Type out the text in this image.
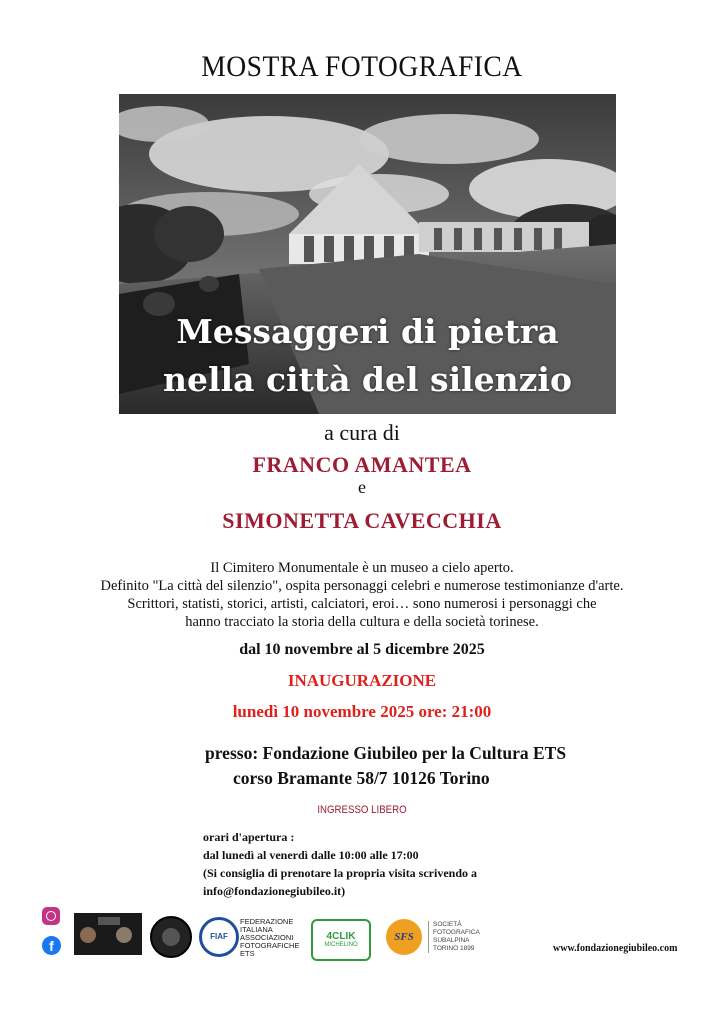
MOSTRA FOTOGRAFICA
Messaggeri di pietra
nella città del silenzio
a cura di
FRANCO AMANTEA
e
SIMONETTA CAVECCHIA
Il Cimitero Monumentale è un museo a cielo aperto.
Definito "La città del silenzio", ospita personaggi celebri e numerose testimonianze d'arte.
Scrittori, statisti, storici, artisti, calciatori, eroi… sono numerosi i personaggi che
hanno tracciato la storia della cultura e della società torinese.
dal 10 novembre al 5 dicembre 2025
INAUGURAZIONE
lunedì 10 novembre 2025 ore: 21:00
presso: Fondazione Giubileo per la Cultura ETS
corso Bramante 58/7 10126 Torino
INGRESSO LIBERO
orari d'apertura :
dal lunedì al venerdì dalle 10:00 alle 17:00
(Si consiglia di prenotare la propria visita scrivendo a
info@fondazionegiubileo.it)
f
FIAF
FEDERAZIONE
ITALIANA
ASSOCIAZIONI
FOTOGRAFICHE
ETS
4CLIK
MICHELINO
SFS
SOCIETÀ
FOTOGRAFICA
SUBALPINA
TORINO 1899	www.fondazionegiubileo.com
